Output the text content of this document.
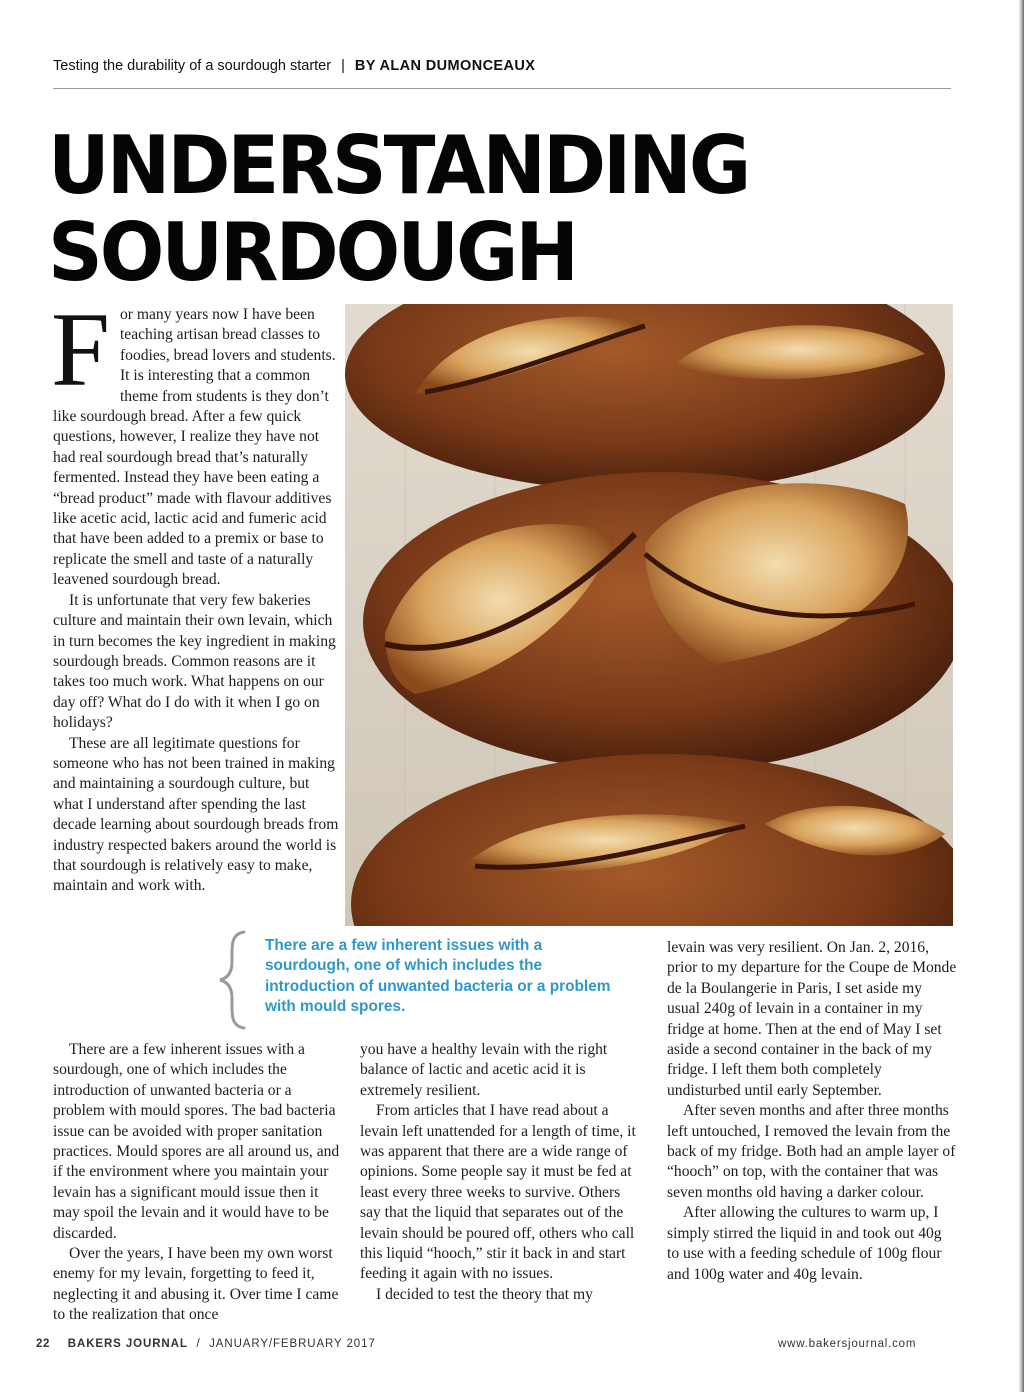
Testing the durability of a sourdough starter | BY ALAN DUMONCEAUX
UNDERSTANDING
SOURDOUGH
F or many years now I have been teaching artisan bread classes to foodies, bread lovers and students. It is interesting that a common theme from students is they don’t like sourdough bread. After a few quick questions, however, I realize they have not had real sourdough bread that’s naturally fermented. Instead they have been eating a “bread product” made with flavour additives like acetic acid, lactic acid and fumeric acid that have been added to a premix or base to replicate the smell and taste of a naturally leavened sourdough bread.

It is unfortunate that very few bakeries culture and maintain their own levain, which in turn becomes the key ingredient in making sourdough breads. Common reasons are it takes too much work. What happens on our day off? What do I do with it when I go on holidays?

These are all legitimate questions for someone who has not been trained in making and maintaining a sourdough culture, but what I understand after spending the last decade learning about sourdough breads from industry respected bakers around the world is that sourdough is relatively easy to make, maintain and work with.

There are a few inherent issues with a sourdough, one of which includes the introduction of unwanted bacteria or a problem with mould spores. The bad bacteria issue can be avoided with proper sanitation practices. Mould spores are all around us, and if the environment where you maintain your levain has a significant mould issue then it may spoil the levain and it would have to be discarded.

Over the years, I have been my own worst enemy for my levain, forgetting to feed it, neglecting it and abusing it. Over time I came to the realization that once

you have a healthy levain with the right balance of lactic and acetic acid it is extremely resilient.

From articles that I have read about a levain left unattended for a length of time, it was apparent that there are a wide range of opinions. Some people say it must be fed at least every three weeks to survive. Others say that the liquid that separates out of the levain should be poured off, others who call this liquid “hooch,” stir it back in and start feeding it again with no issues.

I decided to test the theory that my

levain was very resilient. On Jan. 2, 2016, prior to my departure for the Coupe de Monde de la Boulangerie in Paris, I set aside my usual 240g of levain in a container in my fridge at home. Then at the end of May I set aside a second container in the back of my fridge. I left them both completely undisturbed until early September.

After seven months and after three months left untouched, I removed the levain from the back of my fridge. Both had an ample layer of “hooch” on top, with the container that was seven months old having a darker colour.

After allowing the cultures to warm up, I simply stirred the liquid in and took out 40g to use with a feeding schedule of 100g flour and 100g water and 40g levain.

There are a few inherent issues with a sourdough, one of which includes the introduction of unwanted bacteria or a problem with mould spores.
22 BAKERS JOURNAL / JANUARY/FEBRUARY 2017	www.bakersjournal.com
